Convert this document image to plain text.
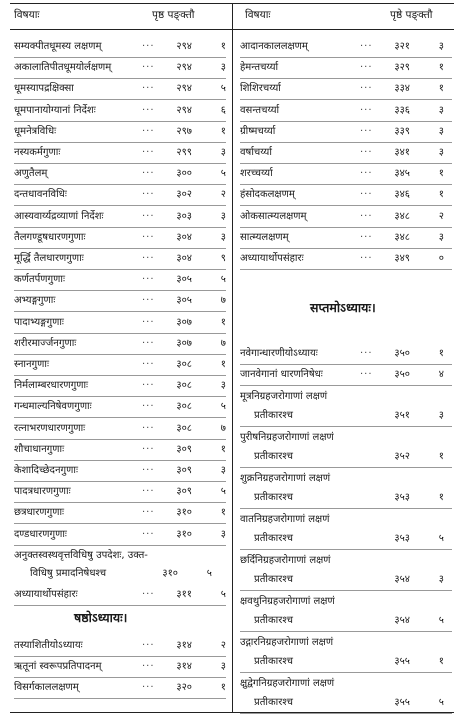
विषयाः	पृष्ठ पङ्क्तौ
सम्यक्पीतधूमस्य लक्षणम्	···	२९४	१
अकालातिपीतधूमयोर्लक्षणम्	···	२९४	३
धूमस्यापद्रक्षिक्सा	···	२९४	५
धूमपानायोग्यानां निर्देशः	···	२९४	६
धूमनेत्रविधिः	···	२९७	१
नस्यकर्मगुणाः	···	२९९	३
अणुतैलम्	···	३००	५
दन्तधावनविधिः	···	३०२	२
आस्यवार्य्यद्रव्याणां निर्देशः	···	३०३	३
तैलगण्डूषधारणगुणाः	···	३०४	३
मूर्द्धि तैलधारणगुणाः	···	३०४	९
कर्णतर्पणगुणाः	···	३०५	५
अभ्यङ्गगुणाः	···	३०५	७
पादाभ्यङ्गगुणाः	···	३०७	१
शरीरमार्ज्जनगुणाः	···	३०७	७
स्नानगुणाः	···	३०८	१
निर्मलाम्बरधारणगुणाः	···	३०८	३
गन्धमाल्यनिषेवणगुणाः	···	३०८	५
रत्नाभरणधारणगुणाः	···	३०८	७
शौचाधानगुणाः	···	३०९	१
केशादिच्छेदनगुणाः	···	३०९	३
पादत्रधारणगुणाः	···	३०९	५
छत्रधारणगुणाः	···	३१०	१
दण्डधारणगुणाः	···	३१०	३
अनुक्तस्वस्थवृत्तविधिषु उपदेशः, उक्त-
विधिषु प्रमादनिषेधश्च	३१०	५
अध्यायार्थोपसंहारः	···	३११	५
षष्ठोऽध्यायः।
तस्याशितीयोऽध्यायः	···	३१४	२
ऋतूनां स्वरूपप्रतिपादनम्	···	३१४	३
विसर्गकाललक्षणम्	···	३२०	१
विषयाः	पृष्ठे पङ्क्तौ
आदानकाललक्षणम्	···	३२१	३
हेमन्तचर्य्या	···	३२९	१
शिशिरचर्य्या	···	३३४	१
वसन्तचर्य्या	···	३३६	३
ग्रीष्मचर्य्या	···	३३९	३
वर्षाचर्य्या	···	३४१	३
शरच्चर्य्या	···	३४५	१
हंसोदकलक्षणम्	···	३४६	१
ओकसात्म्यलक्षणम्	···	३४८	२
सात्म्यलक्षणम्	···	३४८	३
अध्यायार्थोपसंहारः	···	३४९	०
सप्तमोऽध्यायः।
नवेगान्धारणीयोऽध्यायः	···	३५०	१
जानवेगानां धारणनिषेधः	···	३५०	४
मूत्रनिग्रहजरोगाणां लक्षणं
प्रतीकारश्च	३५१	३
पुरीषनिग्रहजरोगाणां लक्षणं
प्रतीकारश्च	३५२	१
शुक्रनिग्रहजरोगाणां लक्षणं
प्रतीकारश्च	३५३	१
वातनिग्रहजरोगाणां लक्षणं
प्रतीकारश्च	३५३	५
छर्दिनिग्रहजरोगाणां लक्षणं
प्रतीकारश्च	३५४	३
क्षवथुनिग्रहजरोगाणां लक्षणं
प्रतीकारश्च	३५४	५
उद्गारनिग्रहजरोगाणां लक्षणं
प्रतीकारश्च	३५५	१
क्षुद्वेगनिग्रहजरोगाणां लक्षणं
प्रतीकारश्च	३५५	५
